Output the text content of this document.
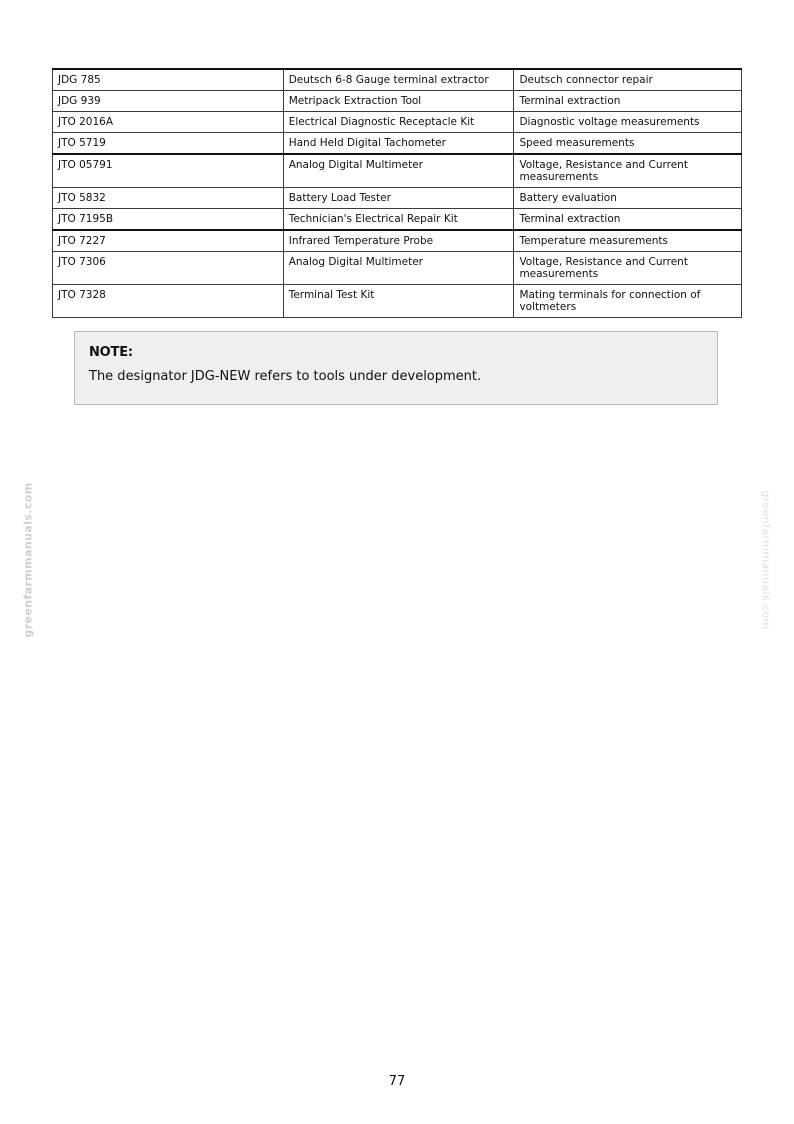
JDG 785	Deutsch 6-8 Gauge terminal extractor	Deutsch connector repair
JDG 939	Metripack Extraction Tool	Terminal extraction
JTO 2016A	Electrical Diagnostic Receptacle Kit	Diagnostic voltage measurements
JTO 5719	Hand Held Digital Tachometer	Speed measurements
JTO 05791	Analog Digital Multimeter	Voltage, Resistance and Current measurements
JTO 5832	Battery Load Tester	Battery evaluation
JTO 7195B	Technician's Electrical Repair Kit	Terminal extraction
JTO 7227	Infrared Temperature Probe	Temperature measurements
JTO 7306	Analog Digital Multimeter	Voltage, Resistance and Current measurements
JTO 7328	Terminal Test Kit	Mating terminals for connection of voltmeters

NOTE:

The designator JDG-NEW refers to tools under development.

greenfarmmanuals.com	greenfarmmanuals.com
77
